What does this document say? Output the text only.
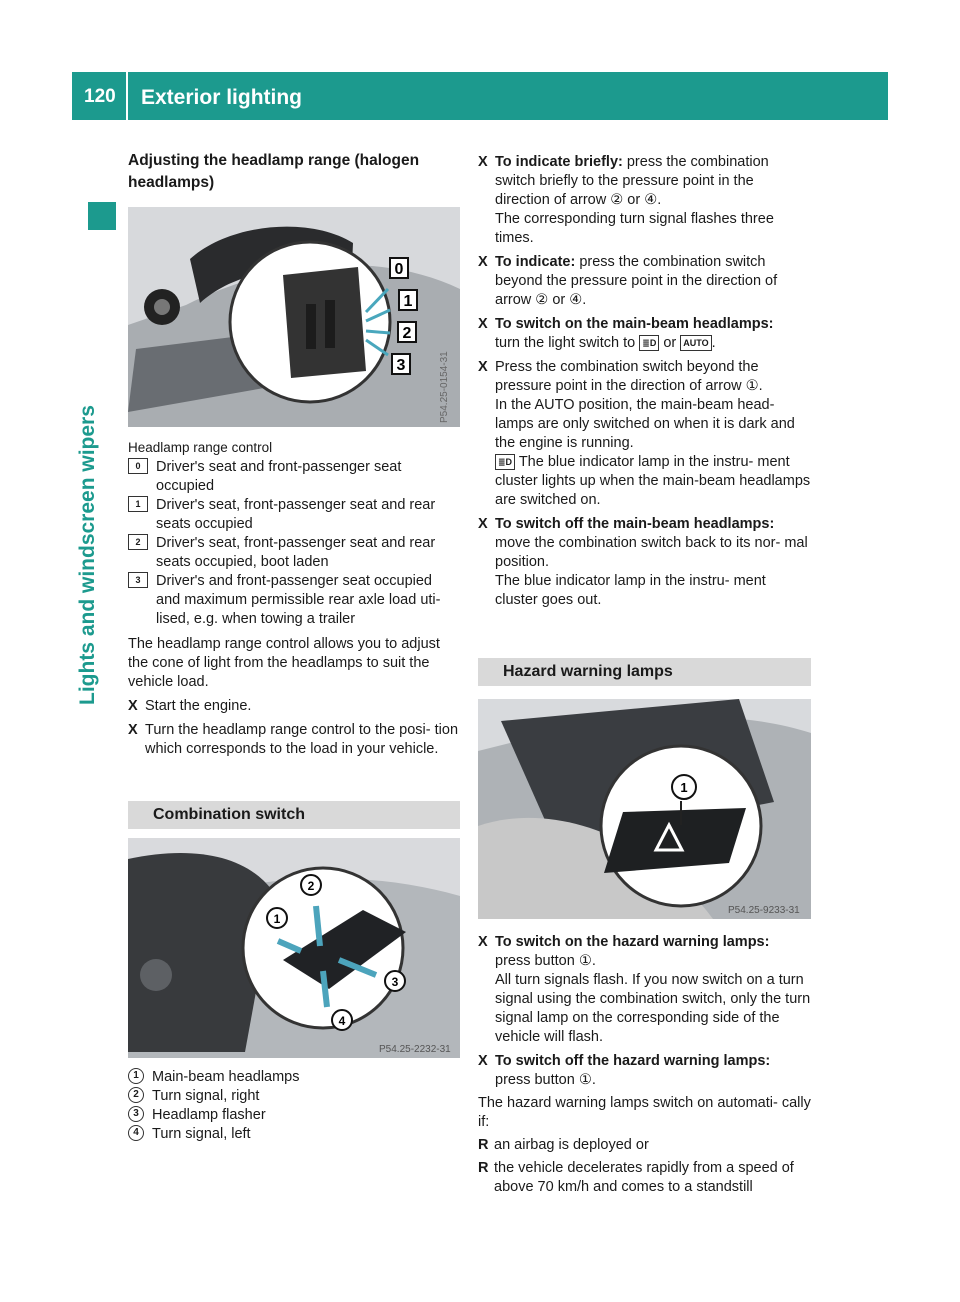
120 Exterior lighting
Lights and windscreen wipers
Adjusting the headlamp range (halogen
headlamps)
0
1
2
3	P54.25-0154-31
Headlamp range control
0	Driver's seat and front-passenger seat occupied
1	Driver's seat, front-passenger seat and rear seats occupied
2	Driver's seat, front-passenger seat and rear seats occupied, boot laden
3	Driver's and front-passenger seat occupied and maximum permissible rear axle load uti- lised, e.g. when towing a trailer

The headlamp range control allows you to adjust the cone of light from the headlamps to suit the vehicle load.

X Start the engine.
X Turn the headlamp range control to the posi- tion which corresponds to the load in your vehicle.
Combination switch
2
1
3
4
P54.25-2232-31
1 Main-beam headlamps
2 Turn signal, right
3 Headlamp flasher
4 Turn signal, left
X To indicate briefly: press the combination switch briefly to the pressure point in the direction of arrow ② or ④.
The corresponding turn signal flashes three times.
X To indicate: press the combination switch beyond the pressure point in the direction of arrow ② or ④.
X To switch on the main-beam headlamps:
turn the light switch to ≣D or AUTO .
X Press the combination switch beyond the pressure point in the direction of arrow ①.
In the AUTO position, the main-beam head- lamps are only switched on when it is dark and the engine is running.
≣D The blue indicator lamp in the instru- ment cluster lights up when the main-beam headlamps are switched on.
X To switch off the main-beam headlamps:
move the combination switch back to its nor- mal position.
The blue indicator lamp in the instru- ment cluster goes out.
Hazard warning lamps
1
P54.25-9233-31
X To switch on the hazard warning lamps:
press button ①.
All turn signals flash. If you now switch on a turn signal using the combination switch, only the turn signal lamp on the corresponding side of the vehicle will flash.
X To switch off the hazard warning lamps:
press button ①.

The hazard warning lamps switch on automati- cally if:

R an airbag is deployed or
R the vehicle decelerates rapidly from a speed of above 70 km/h and comes to a standstill
